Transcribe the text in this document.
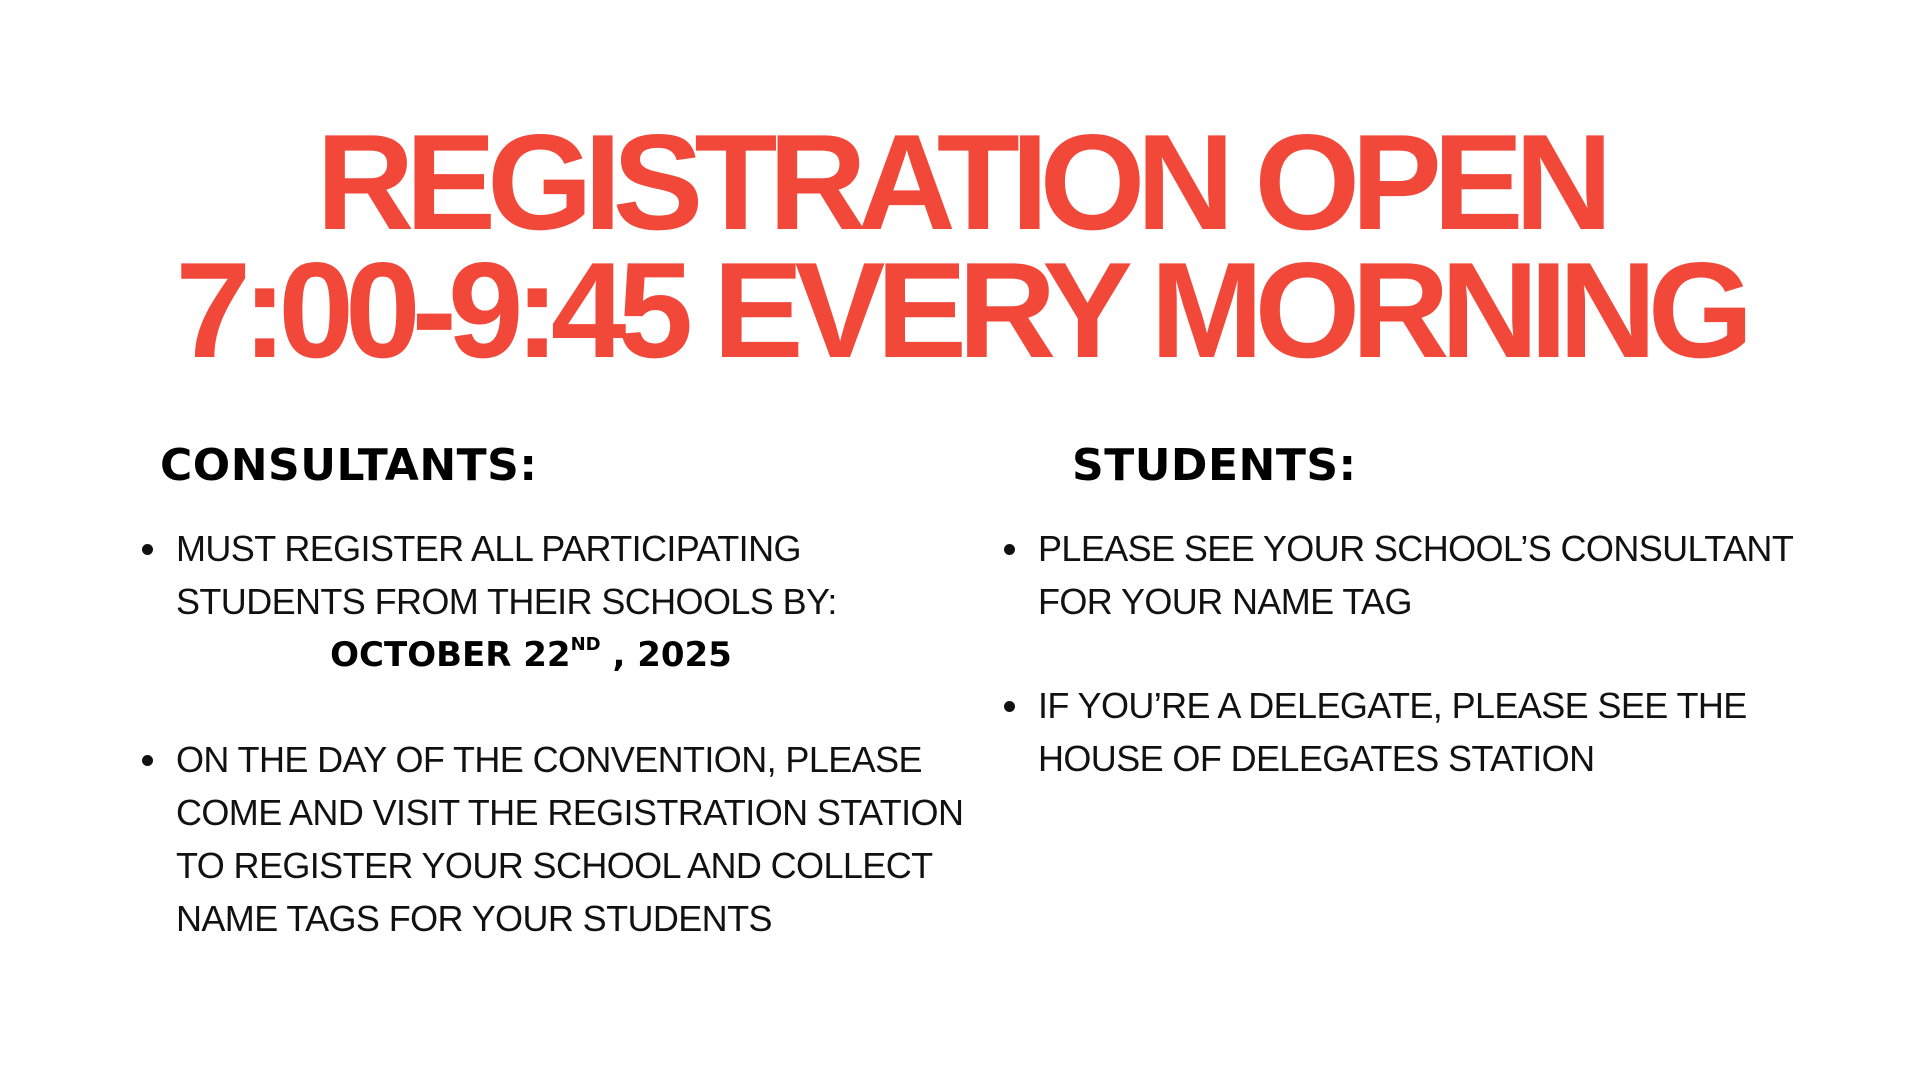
REGISTRATION OPEN
7:00-9:45 EVERY MORNING
CONSULTANTS:
MUST REGISTER ALL PARTICIPATING STUDENTS FROM THEIR SCHOOLS BY:
OCTOBER 22ND , 2025
ON THE DAY OF THE CONVENTION, PLEASE COME AND VISIT THE REGISTRATION STATION TO REGISTER YOUR SCHOOL AND COLLECT NAME TAGS FOR YOUR STUDENTS
STUDENTS:
PLEASE SEE YOUR SCHOOL’S CONSULTANT FOR YOUR NAME TAG
IF YOU’RE A DELEGATE, PLEASE SEE THE HOUSE OF DELEGATES STATION
